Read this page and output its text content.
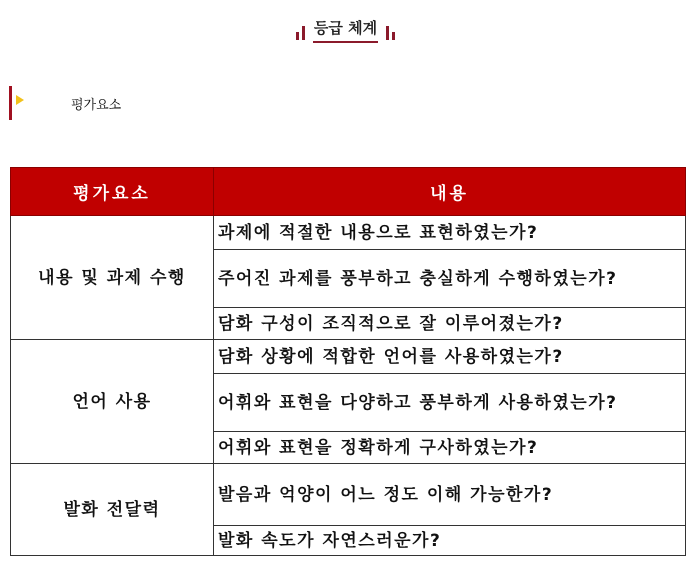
등급 체계
평가요소
평가요소	내용
내용 및 과제 수행	과제에 적절한 내용으로 표현하였는가?
	주어진 과제를 풍부하고 충실하게 수행하였는가?
	담화 구성이 조직적으로 잘 이루어졌는가?
언어 사용	담화 상황에 적합한 언어를 사용하였는가?
	어휘와 표현을 다양하고 풍부하게 사용하였는가?
	어휘와 표현을 정확하게 구사하였는가?
발화 전달력	발음과 억양이 어느 정도 이해 가능한가?
	발화 속도가 자연스러운가?
